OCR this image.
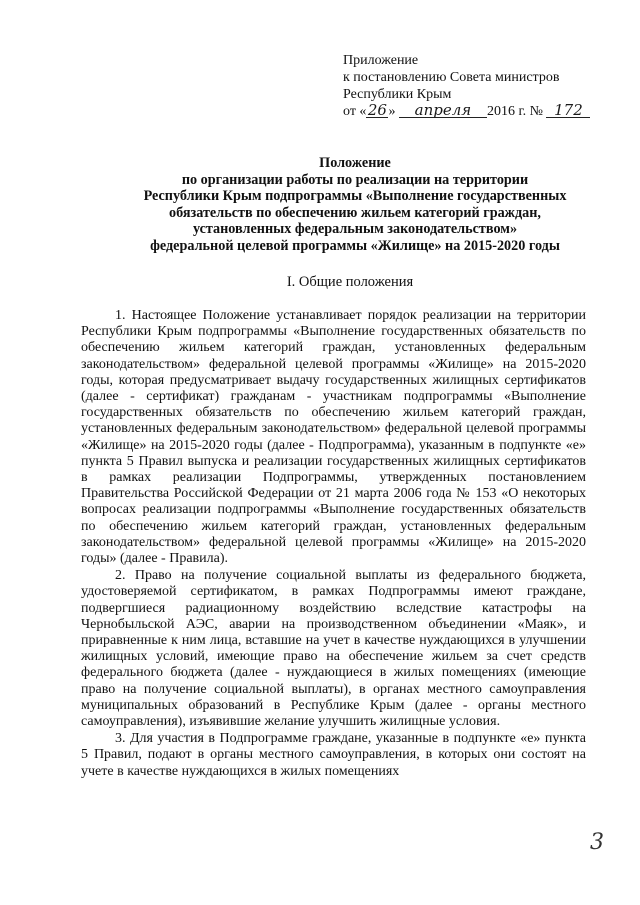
Приложение
к постановлению Совета министров
Республики Крым
от «26» апреля 2016 г. № 172
Положение
по организации работы по реализации на территории
Республики Крым подпрограммы «Выполнение государственных
обязательств по обеспечению жильем категорий граждан,
установленных федеральным законодательством»
федеральной целевой программы «Жилище» на 2015-2020 годы
I. Общие положения

1. Настоящее Положение устанавливает порядок реализации на территории Республики Крым подпрограммы «Выполнение государственных обязательств по обеспечению жильем категорий граждан, установленных федеральным законодательством» федеральной целевой программы «Жилище» на 2015-2020 годы, которая предусматривает выдачу государственных жилищных сертификатов (далее - сертификат) гражданам - участникам подпрограммы «Выполнение государственных обязательств по обеспечению жильем категорий граждан, установленных федеральным законодательством» федеральной целевой программы «Жилище» на 2015-2020 годы (далее - Подпрограмма), указанным в подпункте «е» пункта 5 Правил выпуска и реализации государственных жилищных сертификатов в рамках реализации Подпрограммы, утвержденных постановлением Правительства Российской Федерации от 21 марта 2006 года № 153 «О некоторых вопросах реализации подпрограммы «Выполнение государственных обязательств по обеспечению жильем категорий граждан, установленных федеральным законодательством» федеральной целевой программы «Жилище» на 2015-2020 годы» (далее - Правила).

2. Право на получение социальной выплаты из федерального бюджета, удостоверяемой сертификатом, в рамках Подпрограммы имеют граждане, подвергшиеся радиационному воздействию вследствие катастрофы на Чернобыльской АЭС, аварии на производственном объединении «Маяк», и приравненные к ним лица, вставшие на учет в качестве нуждающихся в улучшении жилищных условий, имеющие право на обеспечение жильем за счет средств федерального бюджета (далее - нуждающиеся в жилых помещениях (имеющие право на получение социальной выплаты), в органах местного самоуправления муниципальных образований в Республике Крым (далее - органы местного самоуправления), изъявившие желание улучшить жилищные условия.

3. Для участия в Подпрограмме граждане, указанные в подпункте «е» пункта 5 Правил, подают в органы местного самоуправления, в которых они состоят на учете в качестве нуждающихся в жилых помещениях

3
